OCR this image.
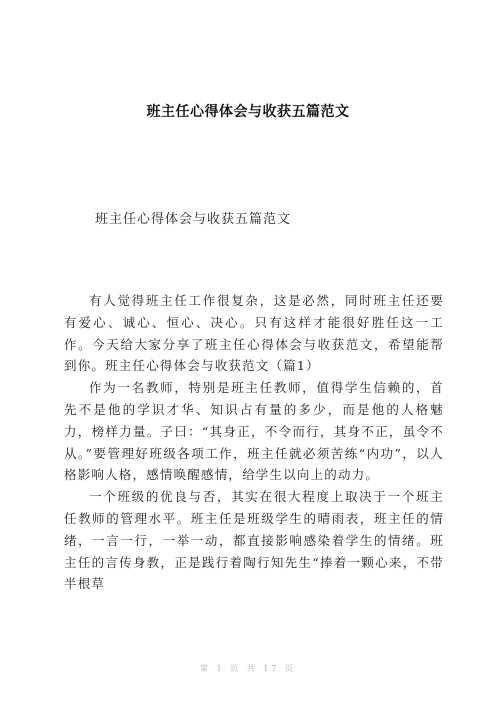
班主任心得体会与收获五篇范文
班主任心得体会与收获五篇范文

有人觉得班主任工作很复杂，这是必然，同时班主任还要有爱心、诚心、恒心、决心。只有这样才能很好胜任这一工作。今天给大家分享了班主任心得体会与收获范文，希望能帮到你。班主任心得体会与收获范文（篇1）

作为一名教师，特别是班主任教师，值得学生信赖的，首先不是他的学识才华、知识占有量的多少，而是他的人格魅力，榜样力量。子曰：“其身正，不令而行，其身不正，虽令不从。”要管理好班级各项工作，班主任就必须苦练“内功”，以人格影响人格，感情唤醒感情，给学生以向上的动力。

一个班级的优良与否，其实在很大程度上取决于一个班主任教师的管理水平。班主任是班级学生的晴雨表，班主任的情绪，一言一行，一举一动，都直接影响感染着学生的情绪。班主任的言传身教，正是践行着陶行知先生“捧着一颗心来，不带半根草

第 1 页 共 17 页
